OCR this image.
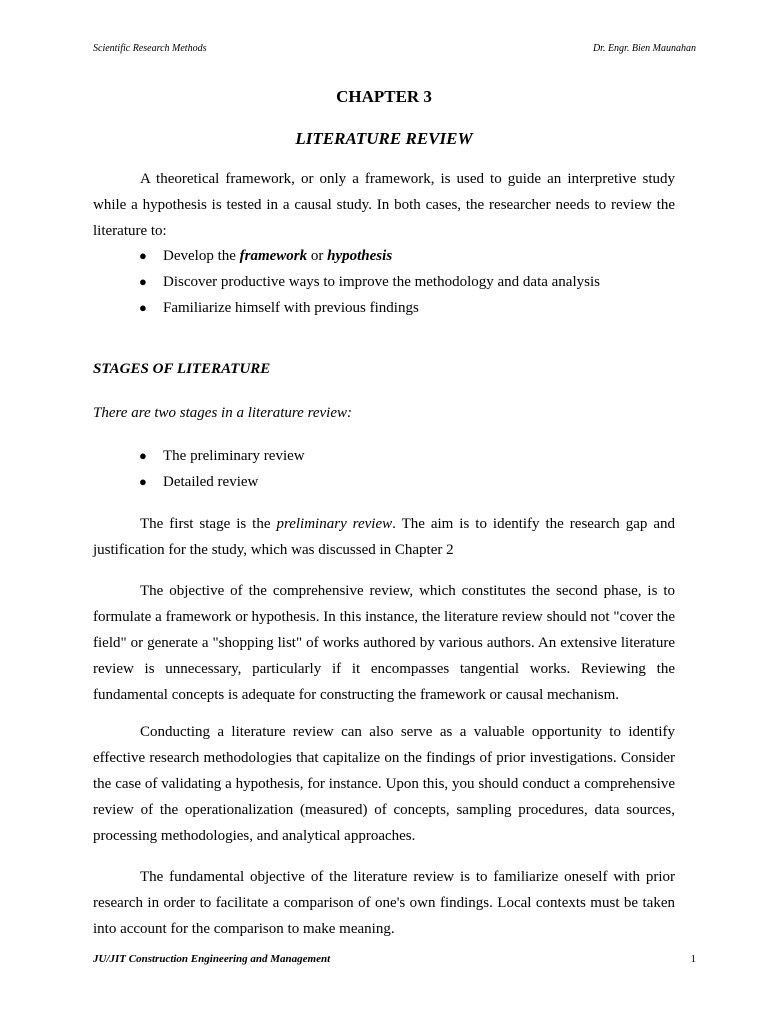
Scientific Research Methods	Dr. Engr. Bien Maunahan
CHAPTER 3
LITERATURE REVIEW
A theoretical framework, or only a framework, is used to guide an interpretive study while a hypothesis is tested in a causal study. In both cases, the researcher needs to review the literature to:
● Develop the framework or hypothesis
● Discover productive ways to improve the methodology and data analysis
● Familiarize himself with previous findings
STAGES OF LITERATURE
There are two stages in a literature review:
● The preliminary review
● Detailed review
The first stage is the preliminary review. The aim is to identify the research gap and justification for the study, which was discussed in Chapter 2
The objective of the comprehensive review, which constitutes the second phase, is to formulate a framework or hypothesis. In this instance, the literature review should not "cover the field" or generate a "shopping list" of works authored by various authors. An extensive literature review is unnecessary, particularly if it encompasses tangential works. Reviewing the fundamental concepts is adequate for constructing the framework or causal mechanism.
Conducting a literature review can also serve as a valuable opportunity to identify effective research methodologies that capitalize on the findings of prior investigations. Consider the case of validating a hypothesis, for instance. Upon this, you should conduct a comprehensive review of the operationalization (measured) of concepts, sampling procedures, data sources, processing methodologies, and analytical approaches.
The fundamental objective of the literature review is to familiarize oneself with prior research in order to facilitate a comparison of one's own findings. Local contexts must be taken into account for the comparison to make meaning.
JU/JIT Construction Engineering and Management	1
